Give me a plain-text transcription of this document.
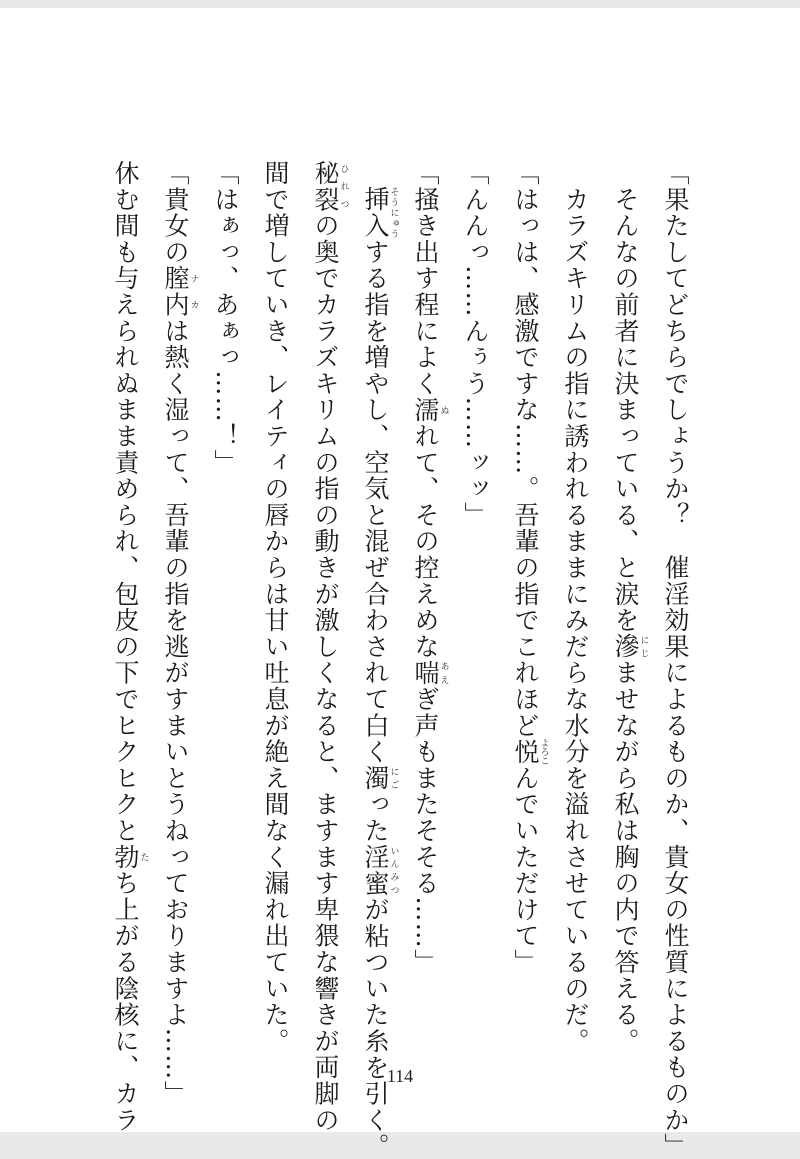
「果たしてどちらでしょうか？　催淫効果によるものか、貴女の性質によるものか」
　そんなの前者に決まっている、と涙を滲にじませながら私は胸の内で答える。
　カラズキリムの指に誘われるままにみだらな水分を溢れさせているのだ。
「はっは、感激ですな……。吾輩の指でこれほど悦よろこんでいただけて」
「んんっ……んぅう……ッッ」
「掻き出す程によく濡ぬれて、その控えめな喘あえぎ声もまたそそる……」
　挿入そうにゅうする指を増やし、空気と混ぜ合わされて白く濁にごった淫蜜いんみつが粘ついた糸を引く。
秘裂ひれつの奥でカラズキリムの指の動きが激しくなると、ますます卑猥な響きが両脚の
間で増していき、レイティの唇からは甘い吐息が絶え間なく漏れ出ていた。
「はぁっ、あぁっ……！」
「貴女の膣内ナカは熱く湿って、吾輩の指を逃がすまいとうねっておりますよ……」
休む間も与えられぬまま責められ、包皮の下でヒクヒクと勃たち上がる陰核に、カラ	114
